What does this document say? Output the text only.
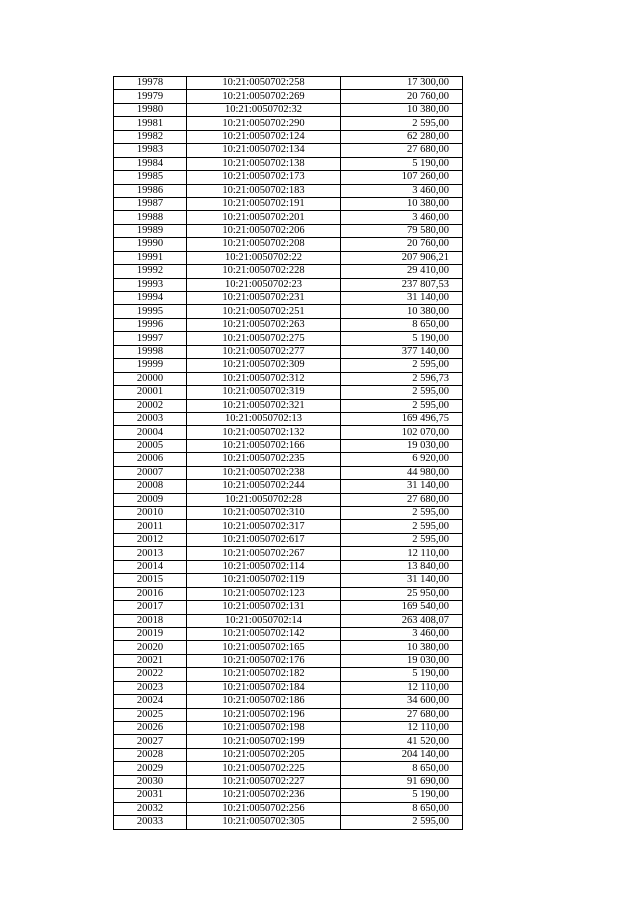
19978	10:21:0050702:258	17 300,00
19979	10:21:0050702:269	20 760,00
19980	10:21:0050702:32	10 380,00
19981	10:21:0050702:290	2 595,00
19982	10:21:0050702:124	62 280,00
19983	10:21:0050702:134	27 680,00
19984	10:21:0050702:138	5 190,00
19985	10:21:0050702:173	107 260,00
19986	10:21:0050702:183	3 460,00
19987	10:21:0050702:191	10 380,00
19988	10:21:0050702:201	3 460,00
19989	10:21:0050702:206	79 580,00
19990	10:21:0050702:208	20 760,00
19991	10:21:0050702:22	207 906,21
19992	10:21:0050702:228	29 410,00
19993	10:21:0050702:23	237 807,53
19994	10:21:0050702:231	31 140,00
19995	10:21:0050702:251	10 380,00
19996	10:21:0050702:263	8 650,00
19997	10:21:0050702:275	5 190,00
19998	10:21:0050702:277	377 140,00
19999	10:21:0050702:309	2 595,00
20000	10:21:0050702:312	2 596,73
20001	10:21:0050702:319	2 595,00
20002	10:21:0050702:321	2 595,00
20003	10:21:0050702:13	169 496,75
20004	10:21:0050702:132	102 070,00
20005	10:21:0050702:166	19 030,00
20006	10:21:0050702:235	6 920,00
20007	10:21:0050702:238	44 980,00
20008	10:21:0050702:244	31 140,00
20009	10:21:0050702:28	27 680,00
20010	10:21:0050702:310	2 595,00
20011	10:21:0050702:317	2 595,00
20012	10:21:0050702:617	2 595,00
20013	10:21:0050702:267	12 110,00
20014	10:21:0050702:114	13 840,00
20015	10:21:0050702:119	31 140,00
20016	10:21:0050702:123	25 950,00
20017	10:21:0050702:131	169 540,00
20018	10:21:0050702:14	263 408,07
20019	10:21:0050702:142	3 460,00
20020	10:21:0050702:165	10 380,00
20021	10:21:0050702:176	19 030,00
20022	10:21:0050702:182	5 190,00
20023	10:21:0050702:184	12 110,00
20024	10:21:0050702:186	34 600,00
20025	10:21:0050702:196	27 680,00
20026	10:21:0050702:198	12 110,00
20027	10:21:0050702:199	41 520,00
20028	10:21:0050702:205	204 140,00
20029	10:21:0050702:225	8 650,00
20030	10:21:0050702:227	91 690,00
20031	10:21:0050702:236	5 190,00
20032	10:21:0050702:256	8 650,00
20033	10:21:0050702:305	2 595,00
